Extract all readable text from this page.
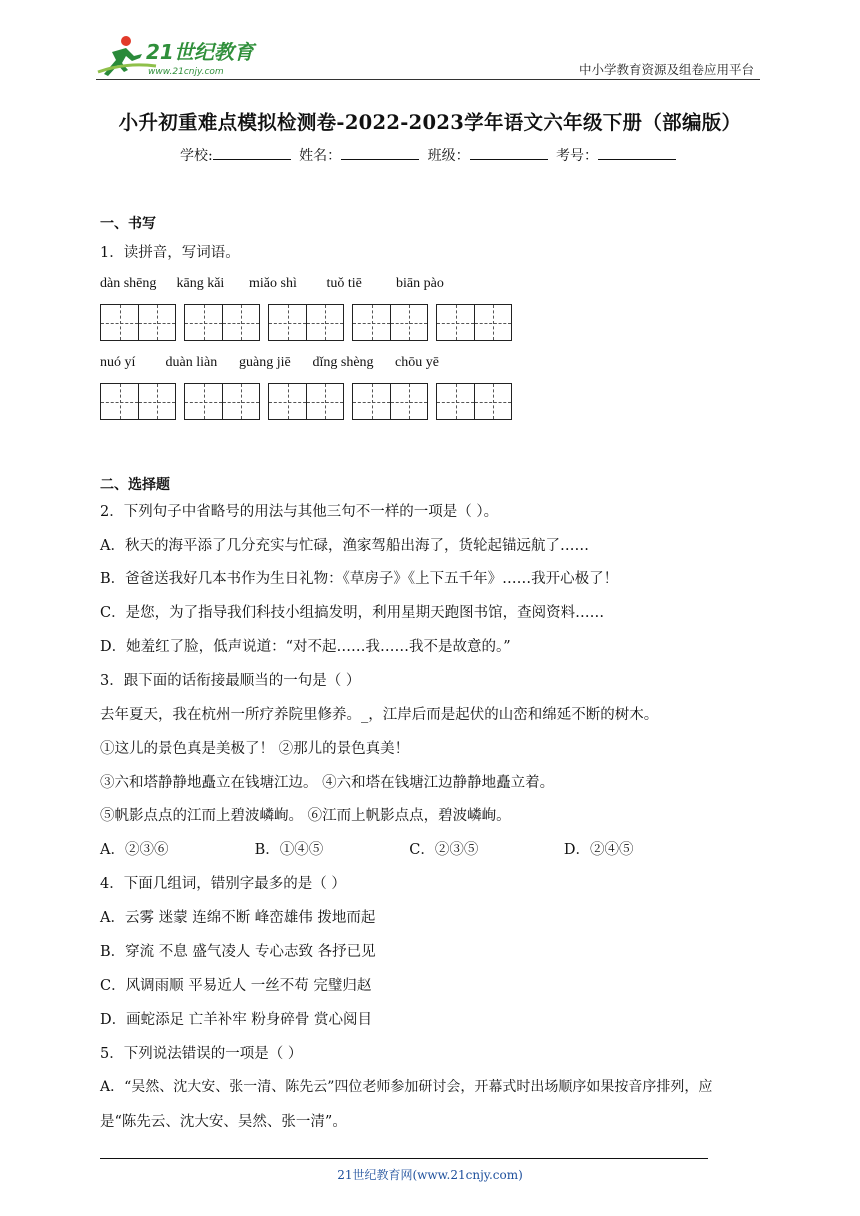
21世纪教育
www.21cnjy.com	中小学教育资源及组卷应用平台
小升初重难点模拟检测卷-2022-2023学年语文六年级下册（部编版）
学校:	姓名：	班级：	考号：
一、书写
1．读拼音，写词语。
dàn shēng kāng kǎi miǎo shì tuǒ tiē biān pào
nuó yí duàn liàn guàng jiē dǐng shèng chōu yē
二、选择题
2．下列句子中省略号的用法与其他三句不一样的一项是（ ）。
A．秋天的海平添了几分充实与忙碌，渔家驾船出海了，货轮起锚远航了……
B．爸爸送我好几本书作为生日礼物：《草房子》《上下五千年》……我开心极了！
C．是您，为了指导我们科技小组搞发明，利用星期天跑图书馆，查阅资料……
D．她羞红了脸，低声说道：“对不起……我……我不是故意的。”
3．跟下面的话衔接最顺当的一句是（ ）
去年夏天，我在杭州一所疗养院里修养。_，江岸后而是起伏的山峦和绵延不断的树木。
①这儿的景色真是美极了！ ②那儿的景色真美！
③六和塔静静地矗立在钱塘江边。 ④六和塔在钱塘江边静静地矗立着。
⑤帆影点点的江而上碧波嶙峋。 ⑥江而上帆影点点，碧波嶙峋。
A．②③⑥	B．①④⑤	C．②③⑤	D．②④⑤
4．下面几组词，错别字最多的是（ ）
A．云雾 迷蒙 连绵不断 峰峦雄伟 拨地而起
B．穿流 不息 盛气凌人 专心志致 各抒已见
C．风调雨顺 平易近人 一丝不苟 完璧归赵
D．画蛇添足 亡羊补牢 粉身碎骨 赏心阅目
5．下列说法错误的一项是（ ）
A．“吴然、沈大安、张一清、陈先云”四位老师参加研讨会，开幕式时出场顺序如果按音序排列，应
是“陈先云、沈大安、吴然、张一清”。
21世纪教育网(www.21cnjy.com)
